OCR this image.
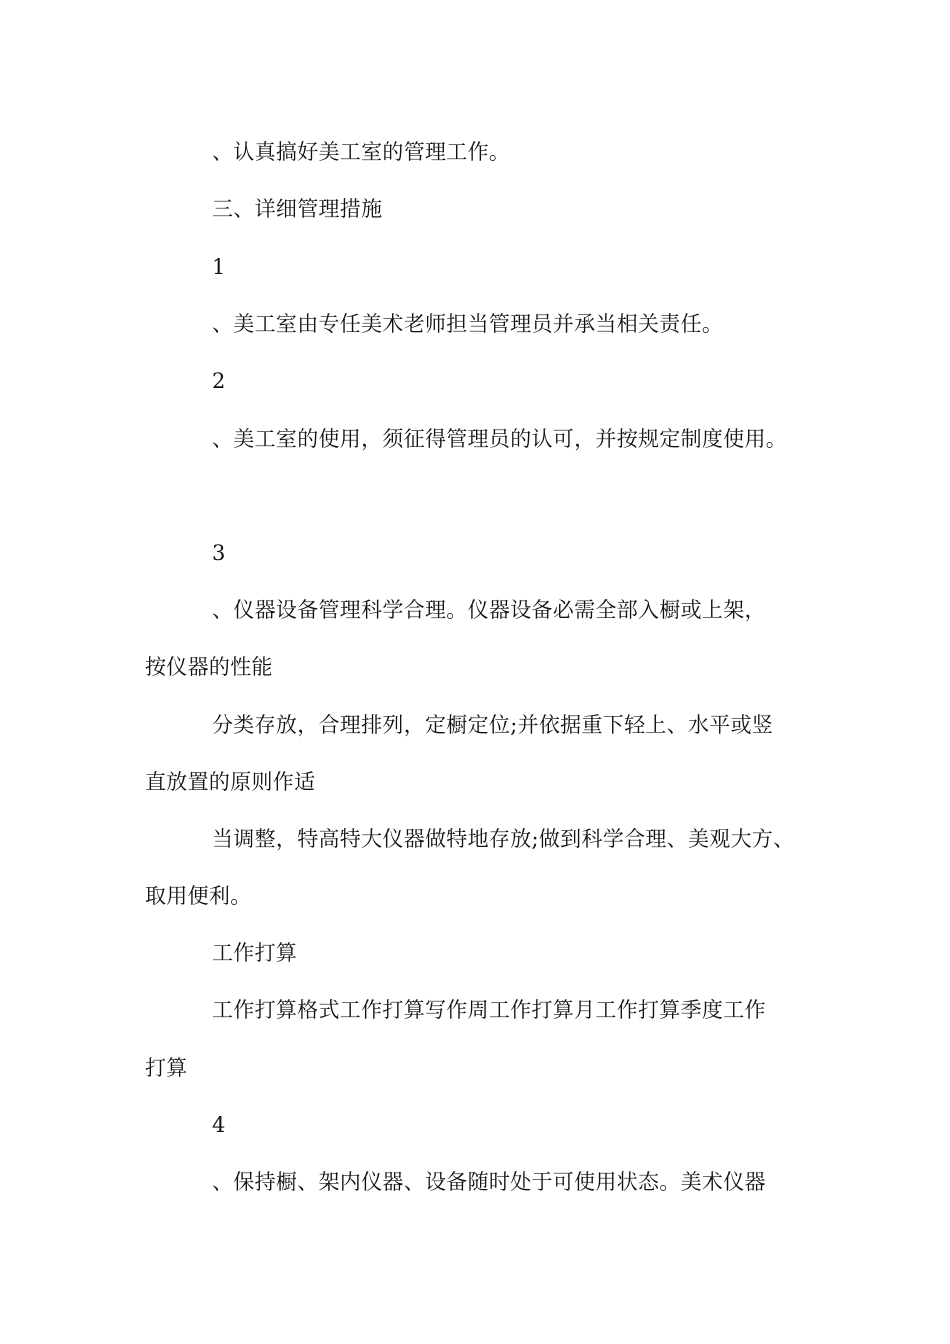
、认真搞好美工室的管理工作。
三、详细管理措施
1
、美工室由专任美术老师担当管理员并承当相关责任。
2
、美工室的使用，须征得管理员的认可，并按规定制度使用。
3
、仪器设备管理科学合理。仪器设备必需全部入橱或上架，
按仪器的性能
分类存放，合理排列，定橱定位;并依据重下轻上、水平或竖
直放置的原则作适
当调整，特高特大仪器做特地存放;做到科学合理、美观大方、
取用便利。
工作打算
工作打算格式工作打算写作周工作打算月工作打算季度工作
打算
4
、保持橱、架内仪器、设备随时处于可使用状态。美术仪器
